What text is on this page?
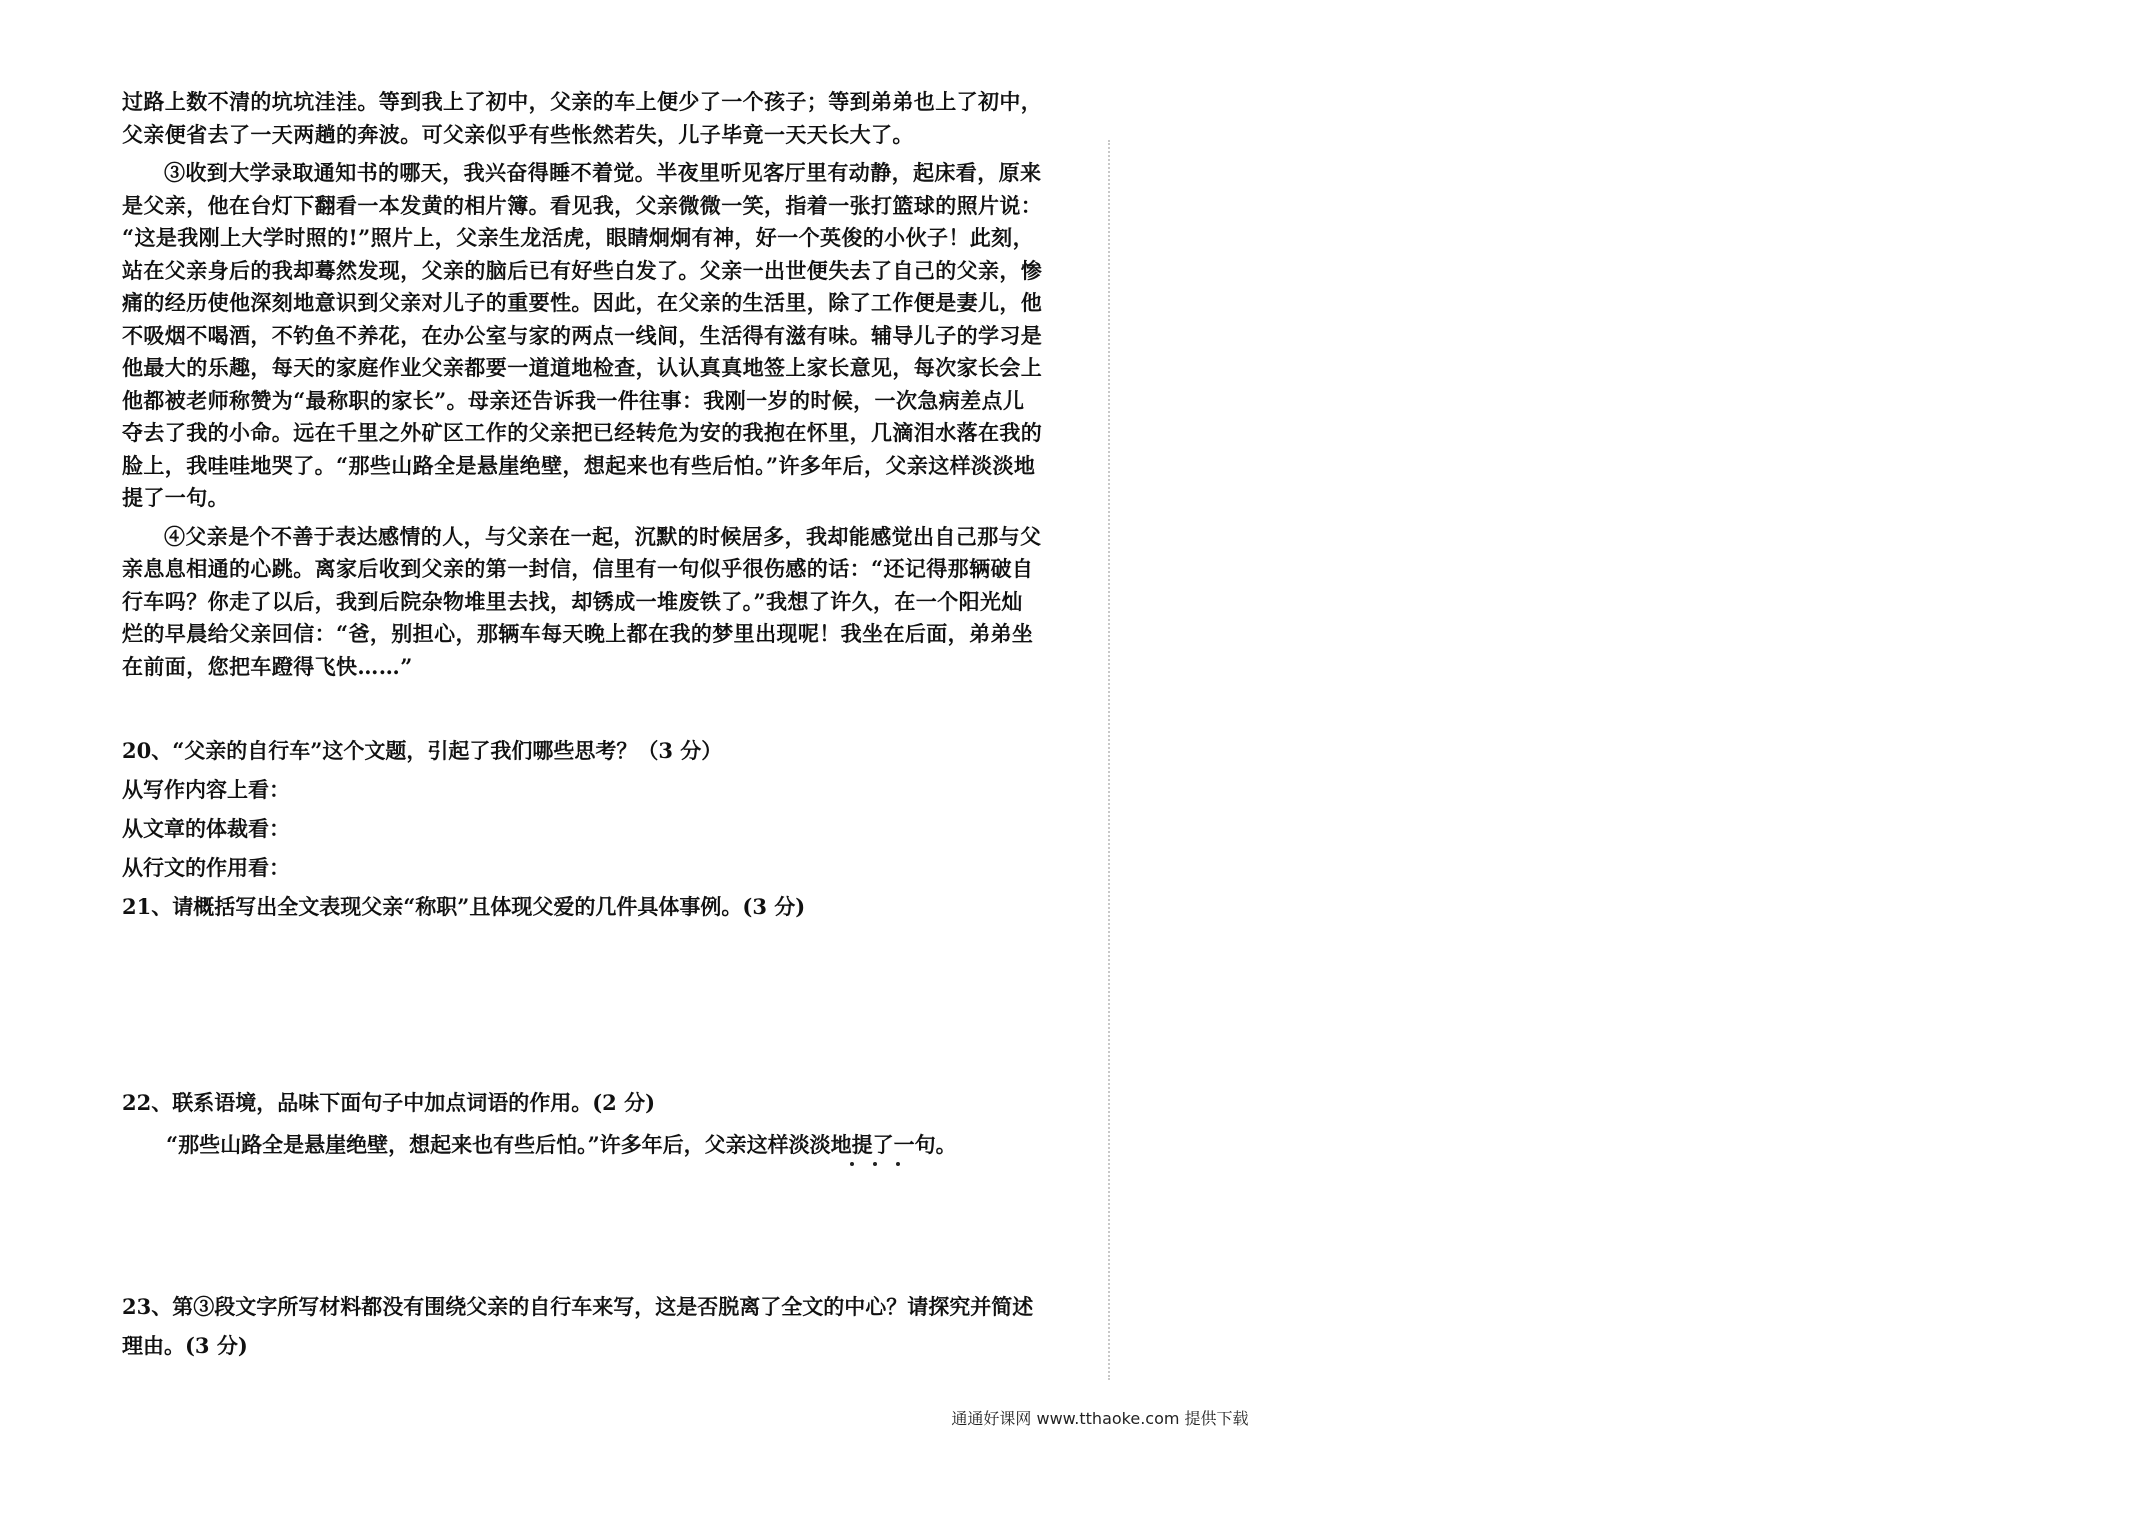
过路上数不清的坑坑洼洼。等到我上了初中，父亲的车上便少了一个孩子；等到弟弟也上了初中，
父亲便省去了一天两趟的奔波。可父亲似乎有些怅然若失，儿子毕竟一天天长大了。
③收到大学录取通知书的哪天，我兴奋得睡不着觉。半夜里听见客厅里有动静，起床看，原来
是父亲，他在台灯下翻看一本发黄的相片簿。看见我，父亲微微一笑，指着一张打篮球的照片说：
“这是我刚上大学时照的!”照片上，父亲生龙活虎，眼睛炯炯有神，好一个英俊的小伙子！此刻，
站在父亲身后的我却蓦然发现，父亲的脑后已有好些白发了。父亲一出世便失去了自己的父亲，惨
痛的经历使他深刻地意识到父亲对儿子的重要性。因此，在父亲的生活里，除了工作便是妻儿，他
不吸烟不喝酒，不钓鱼不养花，在办公室与家的两点一线间，生活得有滋有味。辅导儿子的学习是
他最大的乐趣，每天的家庭作业父亲都要一道道地检查，认认真真地签上家长意见，每次家长会上
他都被老师称赞为“最称职的家长”。母亲还告诉我一件往事：我刚一岁的时候，一次急病差点儿
夺去了我的小命。远在千里之外矿区工作的父亲把已经转危为安的我抱在怀里，几滴泪水落在我的
脸上，我哇哇地哭了。“那些山路全是悬崖绝壁，想起来也有些后怕。”许多年后，父亲这样淡淡地
提了一句。
④父亲是个不善于表达感情的人，与父亲在一起，沉默的时候居多，我却能感觉出自己那与父
亲息息相通的心跳。离家后收到父亲的第一封信，信里有一句似乎很伤感的话：“还记得那辆破自
行车吗？你走了以后，我到后院杂物堆里去找，却锈成一堆废铁了。”我想了许久，在一个阳光灿
烂的早晨给父亲回信：“爸，别担心，那辆车每天晚上都在我的梦里出现呢！我坐在后面，弟弟坐
在前面，您把车蹬得飞快……”
20、“父亲的自行车”这个文题，引起了我们哪些思考？（3 分）
从写作内容上看：
从文章的体裁看：
从行文的作用看：
21、请概括写出全文表现父亲“称职”且体现父爱的几件具体事例。(3 分)
22、联系语境，品味下面句子中加点词语的作用。(2 分)
“那些山路全是悬崖绝壁，想起来也有些后怕。”许多年后，父亲这样淡淡地提了一句。
23、第③段文字所写材料都没有围绕父亲的自行车来写，这是否脱离了全文的中心？请探究并简述
理由。(3 分)
通通好课网 www.tthaoke.com 提供下载
